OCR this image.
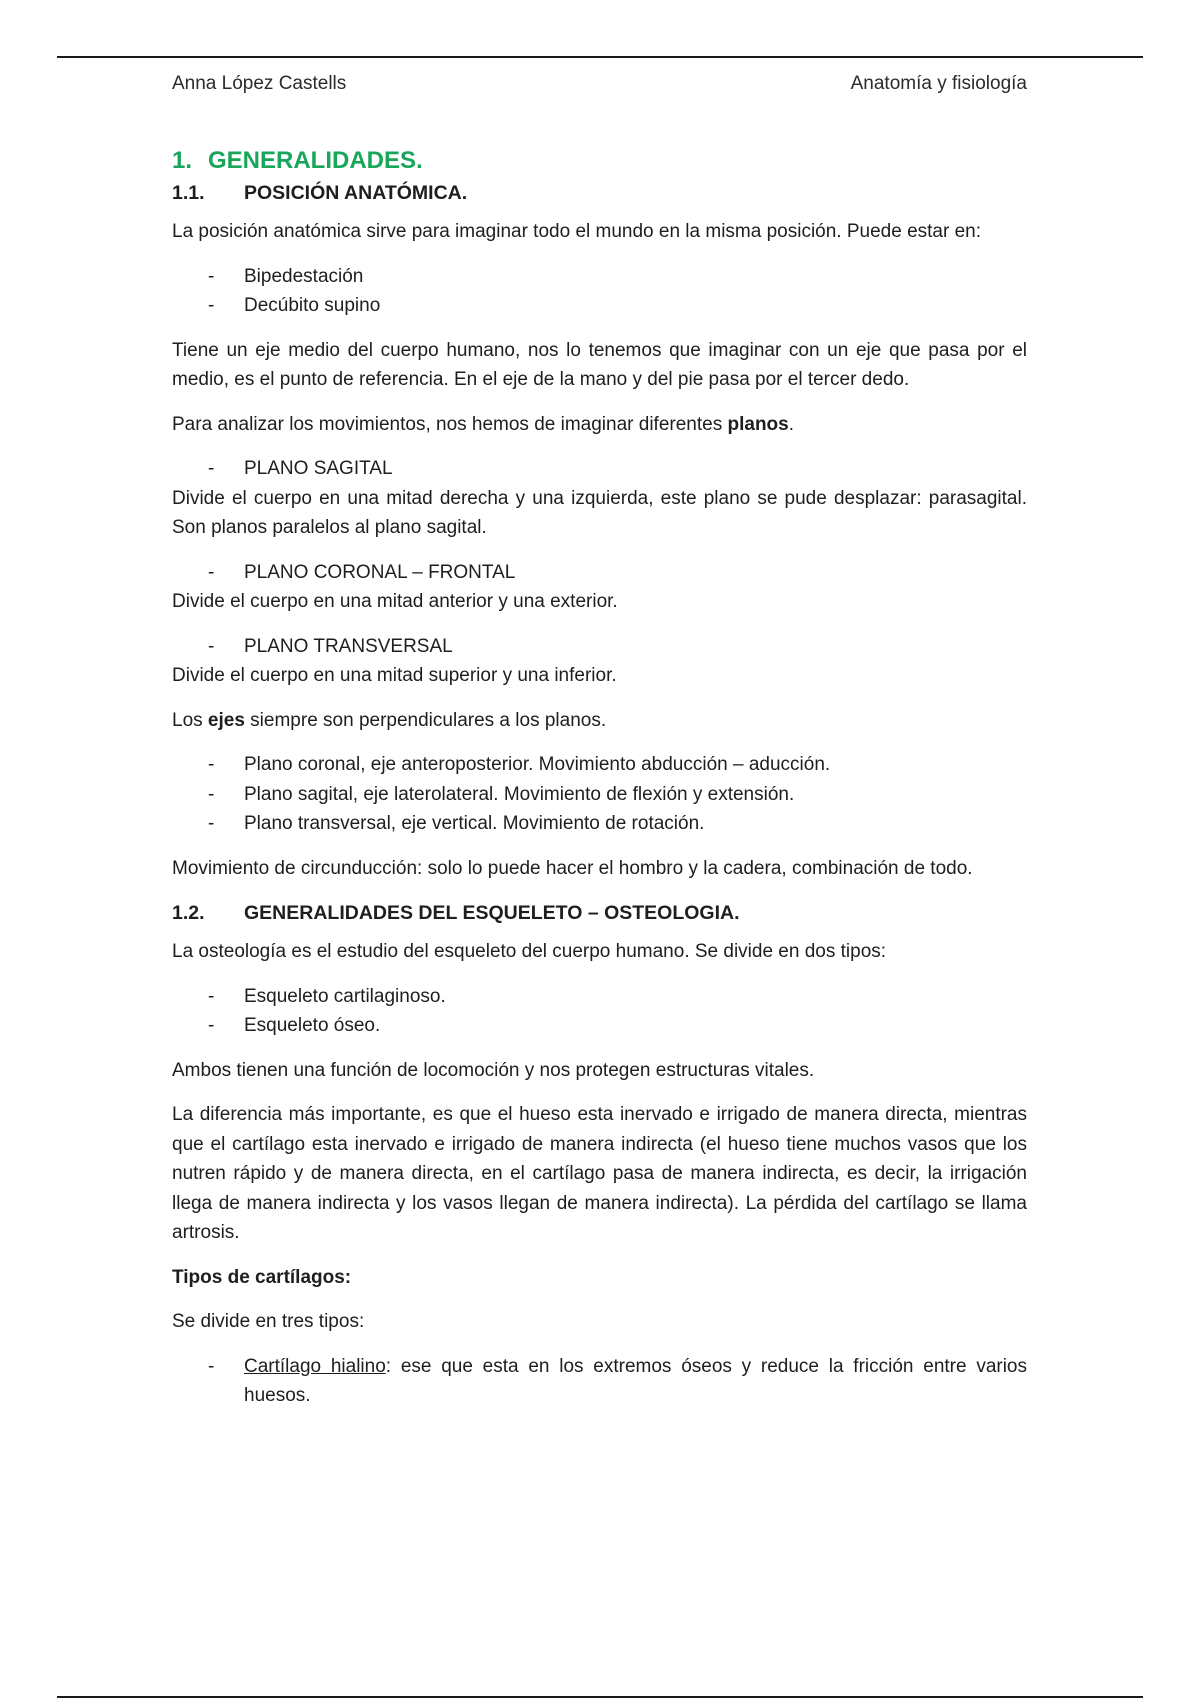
Anna López Castells	Anatomía y fisiología
1. GENERALIDADES.
1.1. POSICIÓN ANATÓMICA.

La posición anatómica sirve para imaginar todo el mundo en la misma posición. Puede estar en:

- Bipedestación
- Decúbito supino

Tiene un eje medio del cuerpo humano, nos lo tenemos que imaginar con un eje que pasa por el medio, es el punto de referencia. En el eje de la mano y del pie pasa por el tercer dedo.

Para analizar los movimientos, nos hemos de imaginar diferentes planos.

- PLANO SAGITAL

Divide el cuerpo en una mitad derecha y una izquierda, este plano se pude desplazar: parasagital. Son planos paralelos al plano sagital.

- PLANO CORONAL – FRONTAL

Divide el cuerpo en una mitad anterior y una exterior.

- PLANO TRANSVERSAL

Divide el cuerpo en una mitad superior y una inferior.

Los ejes siempre son perpendiculares a los planos.

- Plano coronal, eje anteroposterior. Movimiento abducción – aducción.
- Plano sagital, eje laterolateral. Movimiento de flexión y extensión.
- Plano transversal, eje vertical. Movimiento de rotación.

Movimiento de circunducción: solo lo puede hacer el hombro y la cadera, combinación de todo.

1.2. GENERALIDADES DEL ESQUELETO – OSTEOLOGIA.

La osteología es el estudio del esqueleto del cuerpo humano. Se divide en dos tipos:

- Esqueleto cartilaginoso.
- Esqueleto óseo.

Ambos tienen una función de locomoción y nos protegen estructuras vitales.

La diferencia más importante, es que el hueso esta inervado e irrigado de manera directa, mientras que el cartílago esta inervado e irrigado de manera indirecta (el hueso tiene muchos vasos que los nutren rápido y de manera directa, en el cartílago pasa de manera indirecta, es decir, la irrigación llega de manera indirecta y los vasos llegan de manera indirecta). La pérdida del cartílago se llama artrosis.

Tipos de cartílagos:

Se divide en tres tipos:

- Cartílago hialino: ese que esta en los extremos óseos y reduce la fricción entre varios huesos.
